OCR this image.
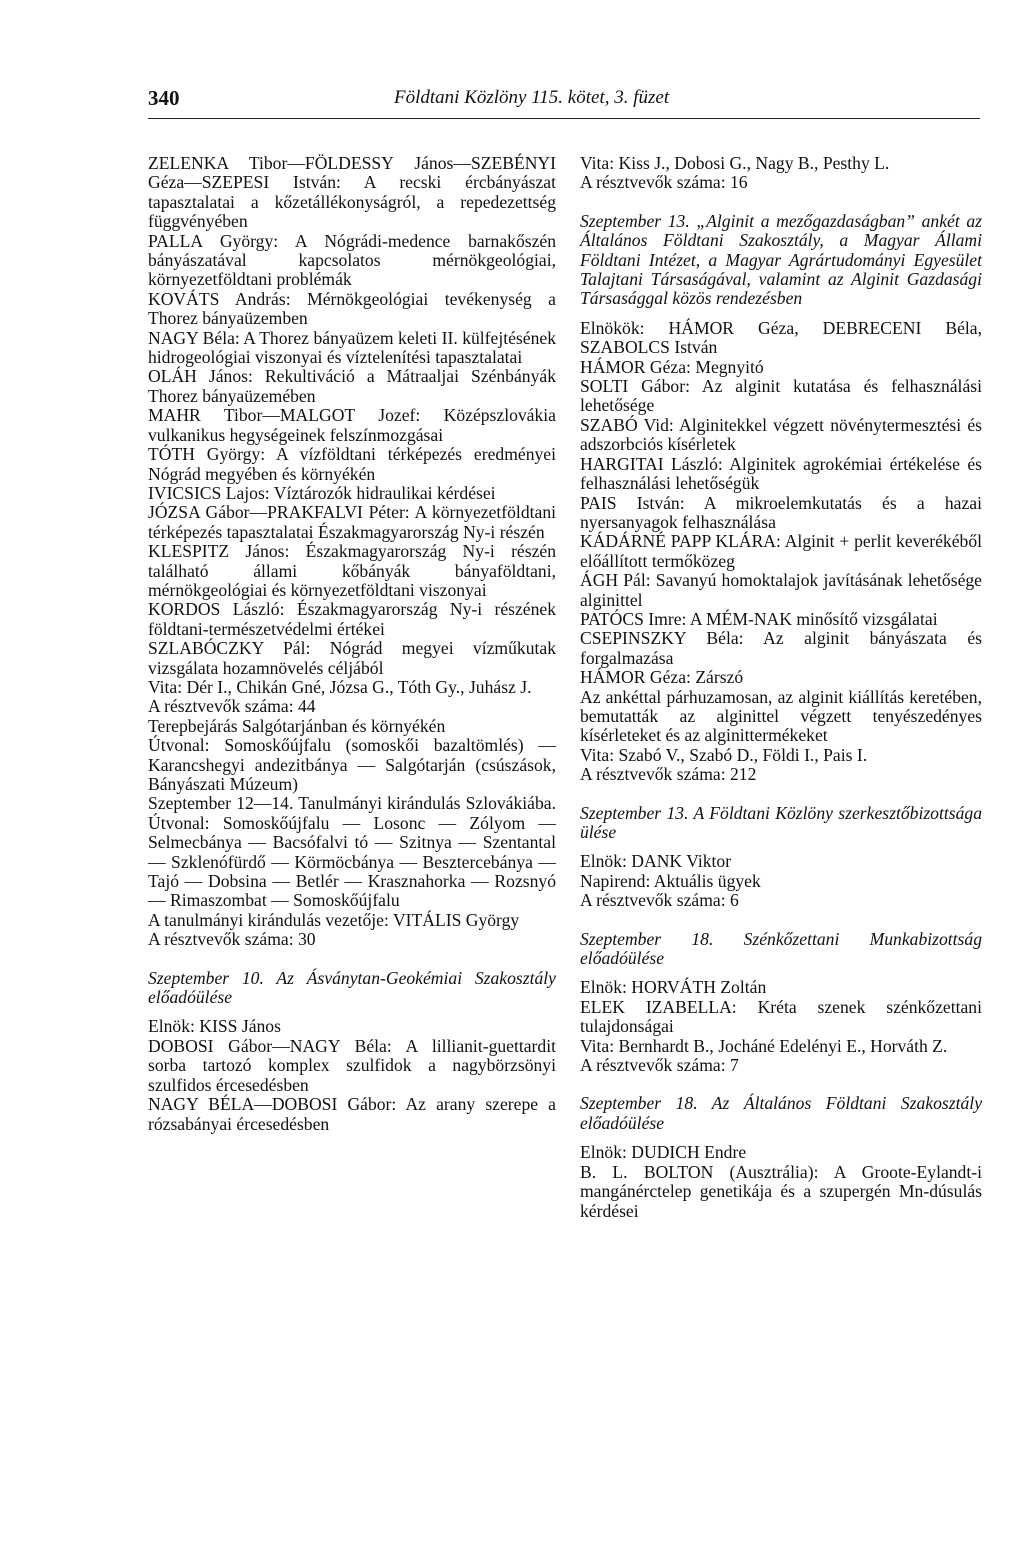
340	Földtani Közlöny 115. kötet, 3. füzet

ZELENKA Tibor—FÖLDESSY János—SZEBÉNYI Géza—SZEPESI István: A recski ércbányászat tapasztalatai a kőzetállékonyságról, a repedezettség függvényében

PALLA György: A Nógrádi-medence barnakőszén bányászatával kapcsolatos mérnökgeológiai, környezetföldtani problémák

KOVÁTS András: Mérnökgeológiai tevékenység a Thorez bányaüzemben

NAGY Béla: A Thorez bányaüzem keleti II. külfejtésének hidrogeológiai viszonyai és víztelenítési tapasztalatai

OLÁH János: Rekultiváció a Mátraaljai Szénbányák Thorez bányaüzemében

MAHR Tibor—MALGOT Jozef: Középszlovákia vulkanikus hegységeinek felszínmozgásai

TÓTH György: A vízföldtani térképezés eredményei Nógrád megyében és környékén

IVICSICS Lajos: Víztározók hidraulikai kérdései

JÓZSA Gábor—PRAKFALVI Péter: A környezetföldtani térképezés tapasztalatai Északmagyarország Ny-i részén

KLESPITZ János: Északmagyarország Ny-i részén található állami kőbányák bányaföldtani, mérnökgeológiai és környezetföldtani viszonyai

KORDOS László: Északmagyarország Ny-i részének földtani-természetvédelmi értékei

SZLABÓCZKY Pál: Nógrád megyei vízműkutak vizsgálata hozamnövelés céljából

Vita: Dér I., Chikán Gné, Józsa G., Tóth Gy., Juhász J.

A résztvevők száma: 44

Terepbejárás Salgótarjánban és környékén

Útvonal: Somoskőújfalu (somoskői bazaltömlés) — Karancshegyi andezitbánya — Salgótarján (csúszások, Bányászati Múzeum)

Szeptember 12—14. Tanulmányi kirándulás Szlovákiába. Útvonal: Somoskőújfalu — Losonc — Zólyom — Selmecbánya — Bacsófalvi tó — Szitnya — Szentantal — Szklenófürdő — Körmöcbánya — Besztercebánya — Tajó — Dobsina — Betlér — Krasznahorka — Rozsnyó — Rimaszombat — Somoskőújfalu

A tanulmányi kirándulás vezetője: VITÁLIS György

A résztvevők száma: 30

Szeptember 10. Az Ásványtan-Geokémiai Szakosztály előadóülése

Elnök: KISS János

DOBOSI Gábor—NAGY Béla: A lillianit-guettardit sorba tartozó komplex szulfidok a nagybörzsönyi szulfidos ércesedésben

NAGY BÉLA—DOBOSI Gábor: Az arany szerepe a rózsabányai ércesedésben

Vita: Kiss J., Dobosi G., Nagy B., Pesthy L.

A résztvevők száma: 16

Szeptember 13. „Alginit a mezőgazdaságban” ankét az Általános Földtani Szakosztály, a Magyar Állami Földtani Intézet, a Magyar Agrártudományi Egyesület Talajtani Társaságával, valamint az Alginit Gazdasági Társasággal közös rendezésben

Elnökök: HÁMOR Géza, DEBRECENI Béla, SZABOLCS István

HÁMOR Géza: Megnyitó

SOLTI Gábor: Az alginit kutatása és felhasználási lehetősége

SZABÓ Vid: Alginitekkel végzett növénytermesztési és adszorbciós kísérletek

HARGITAI László: Alginitek agrokémiai értékelése és felhasználási lehetőségük

PAIS István: A mikroelemkutatás és a hazai nyersanyagok felhasználása

KÁDÁRNÉ PAPP KLÁRA: Alginit + perlit keverékéből előállított termőközeg

ÁGH Pál: Savanyú homoktalajok javításának lehetősége alginittel

PATÓCS Imre: A MÉM-NAK minősítő vizsgálatai

CSEPINSZKY Béla: Az alginit bányászata és forgalmazása

HÁMOR Géza: Zárszó

Az ankéttal párhuzamosan, az alginit kiállítás keretében, bemutatták az alginittel végzett tenyészedényes kísérleteket és az alginittermékeket

Vita: Szabó V., Szabó D., Földi I., Pais I.

A résztvevők száma: 212

Szeptember 13. A Földtani Közlöny szerkesztőbizottsága ülése

Elnök: DANK Viktor

Napirend: Aktuális ügyek

A résztvevők száma: 6

Szeptember 18. Szénkőzettani Munkabizottság előadóülése

Elnök: HORVÁTH Zoltán

ELEK IZABELLA: Kréta szenek szénkőzettani tulajdonságai

Vita: Bernhardt B., Jocháné Edelényi E., Horváth Z.

A résztvevők száma: 7

Szeptember 18. Az Általános Földtani Szakosztály előadóülése

Elnök: DUDICH Endre

B. L. BOLTON (Ausztrália): A Groote-Eylandt-i mangánérctelep genetikája és a szupergén Mn-dúsulás kérdései
